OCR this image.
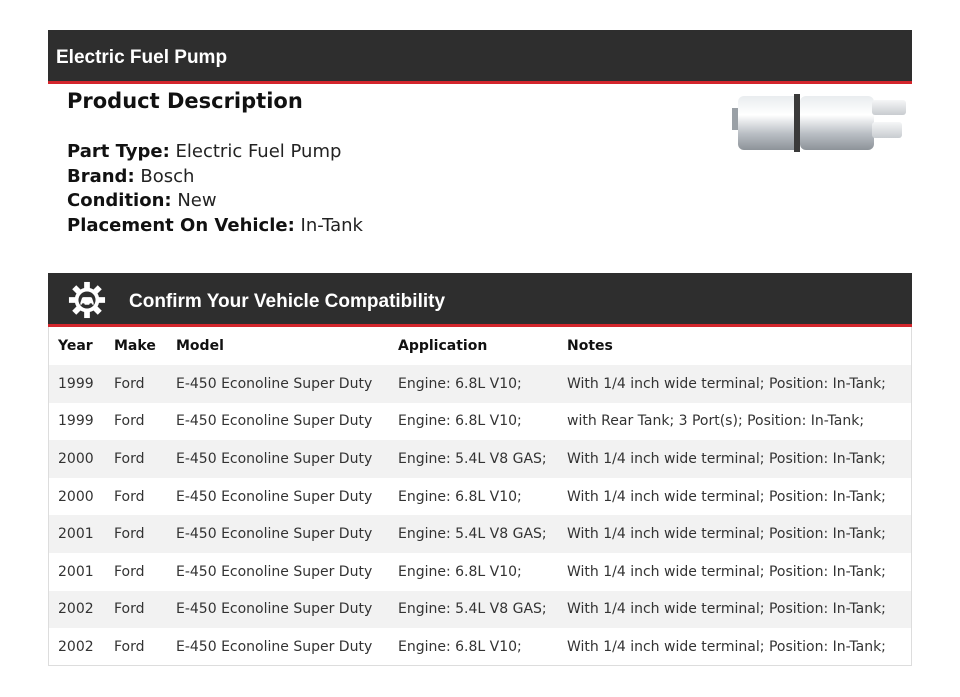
Electric Fuel Pump
Product Description
Part Type: Electric Fuel Pump
Brand: Bosch
Condition: New
Placement On Vehicle: In-Tank
Confirm Your Vehicle Compatibility
Year	Make	Model	Application	Notes
1999	Ford	E-450 Econoline Super Duty	Engine: 6.8L V10;	With 1/4 inch wide terminal; Position: In-Tank;
1999	Ford	E-450 Econoline Super Duty	Engine: 6.8L V10;	with Rear Tank; 3 Port(s); Position: In-Tank;
2000	Ford	E-450 Econoline Super Duty	Engine: 5.4L V8 GAS;	With 1/4 inch wide terminal; Position: In-Tank;
2000	Ford	E-450 Econoline Super Duty	Engine: 6.8L V10;	With 1/4 inch wide terminal; Position: In-Tank;
2001	Ford	E-450 Econoline Super Duty	Engine: 5.4L V8 GAS;	With 1/4 inch wide terminal; Position: In-Tank;
2001	Ford	E-450 Econoline Super Duty	Engine: 6.8L V10;	With 1/4 inch wide terminal; Position: In-Tank;
2002	Ford	E-450 Econoline Super Duty	Engine: 5.4L V8 GAS;	With 1/4 inch wide terminal; Position: In-Tank;
2002	Ford	E-450 Econoline Super Duty	Engine: 6.8L V10;	With 1/4 inch wide terminal; Position: In-Tank;
